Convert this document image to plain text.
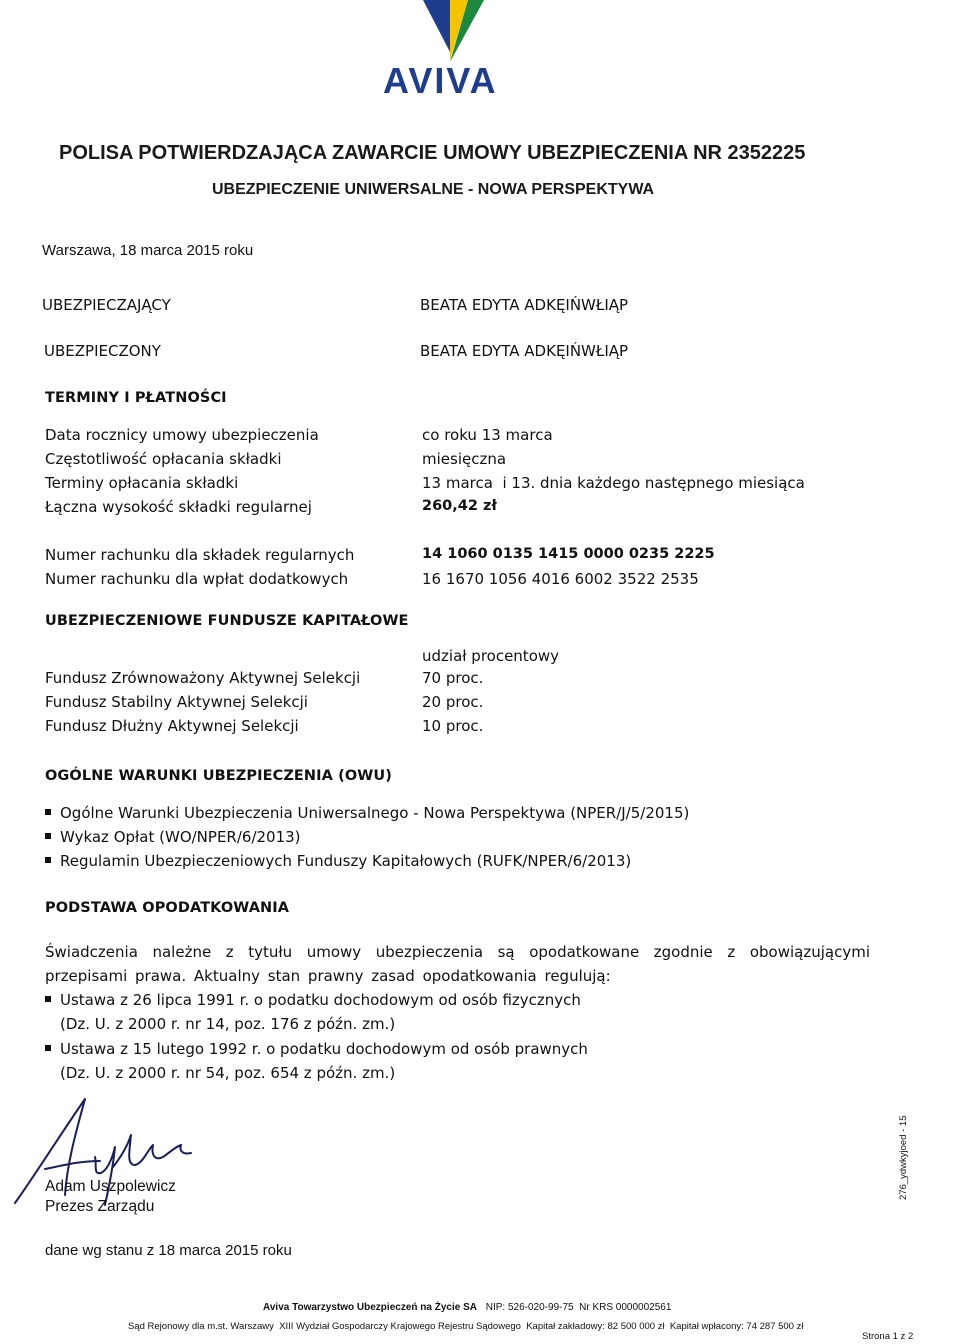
AVIVA
POLISA POTWIERDZAJĄCA ZAWARCIE UMOWY UBEZPIECZENIA NR 2352225
UBEZPIECZENIE UNIWERSALNE - NOWA PERSPEKTYWA
Warszawa, 18 marca 2015 roku
UBEZPIECZAJĄCY	BEATA EDYTA ADKĘIŃWŁIĄP
UBEZPIECZONY	BEATA EDYTA ADKĘIŃWŁIĄP
TERMINY I PŁATNOŚCI
Data rocznicy umowy ubezpieczenia	co roku 13 marca
Częstotliwość opłacania składki	miesięczna
Terminy opłacania składki	13 marca  i 13. dnia każdego następnego miesiąca
Łączna wysokość składki regularnej	260,42 zł
Numer rachunku dla składek regularnych	14 1060 0135 1415 0000 0235 2225
Numer rachunku dla wpłat dodatkowych	16 1670 1056 4016 6002 3522 2535
UBEZPIECZENIOWE FUNDUSZE KAPITAŁOWE
udział procentowy
Fundusz Zrównoważony Aktywnej Selekcji	70 proc.
Fundusz Stabilny Aktywnej Selekcji	20 proc.
Fundusz Dłużny Aktywnej Selekcji	10 proc.
OGÓLNE WARUNKI UBEZPIECZENIA (OWU)
Ogólne Warunki Ubezpieczenia Uniwersalnego - Nowa Perspektywa (NPER/J/5/2015)
Wykaz Opłat (WO/NPER/6/2013)
Regulamin Ubezpieczeniowych Funduszy Kapitałowych (RUFK/NPER/6/2013)
PODSTAWA OPODATKOWANIA
Świadczenia należne z tytułu umowy ubezpieczenia są opodatkowane zgodnie z obowiązującymi przepisami prawa. Aktualny stan prawny zasad opodatkowania regulują:
Ustawa z 26 lipca 1991 r. o podatku dochodowym od osób fizycznych
(Dz. U. z 2000 r. nr 14, poz. 176 z późn. zm.)
Ustawa z 15 lutego 1992 r. o podatku dochodowym od osób prawnych
(Dz. U. z 2000 r. nr 54, poz. 654 z późn. zm.)
Adam Uszpolewicz
Prezes Zarządu
276_ydwkyjoed - 15
dane wg stanu z 18 marca 2015 roku
Aviva Towarzystwo Ubezpieczeń na Życie SA NIP: 526-020-99-75  Nr KRS 0000002561
Sąd Rejonowy dla m.st. Warszawy  XIII Wydział Gospodarczy Krajowego Rejestru Sądowego  Kapitał zakładowy: 82 500 000 zł  Kapitał wpłacony: 74 287 500 zł
Strona 1 z 2
